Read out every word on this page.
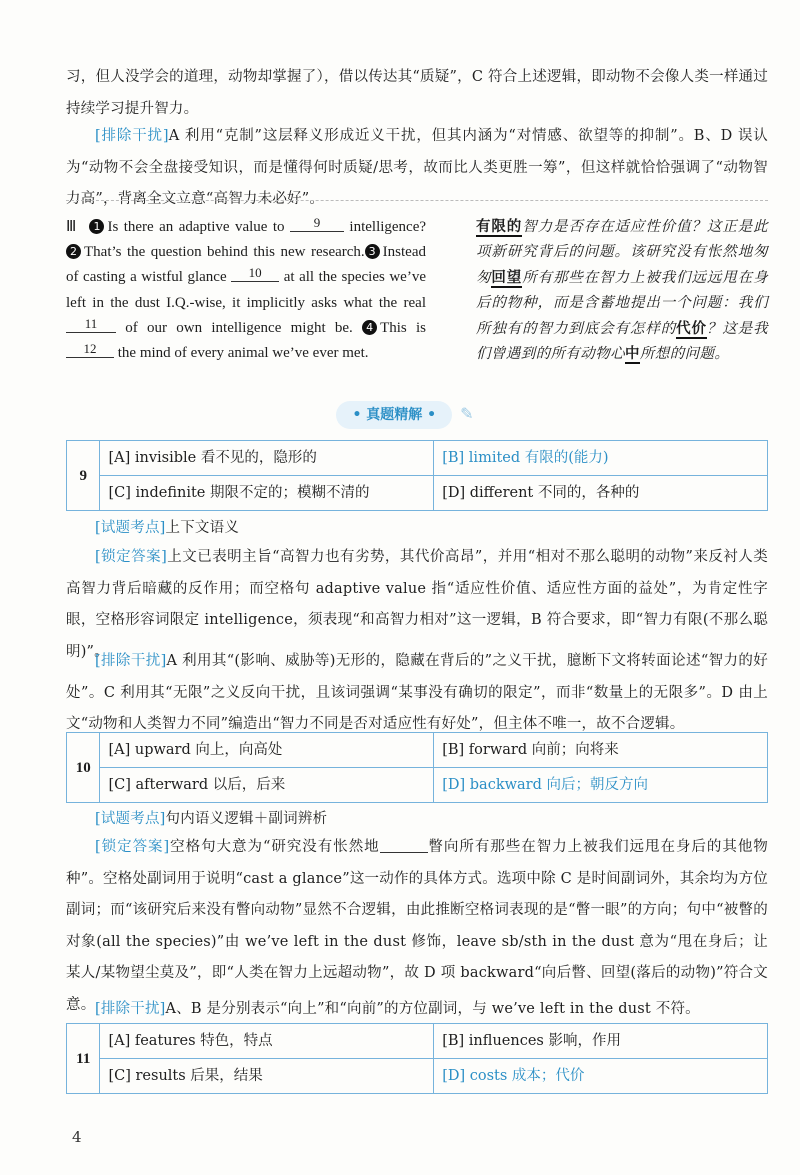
习，但人没学会的道理，动物却掌握了），借以传达其“质疑”，C 符合上述逻辑，即动物不会像人类一样通过持续学习提升智力。

[排除干扰]A 利用“克制”这层释义形成近义干扰，但其内涵为“对情感、欲望等的抑制”。B、D 误认为“动物不会全盘接受知识，而是懂得何时质疑/思考，故而比人类更胜一筹”，但这样就恰恰强调了“动物智力高”，背离全文立意“高智力未必好”。

Ⅲ 1 Is there an adaptive value to 9 intelligence? 2 That’s the question behind this new research. 3 Instead of casting a wistful glance 10 at all the species we’ve left in the dust I.Q.-wise, it implicitly asks what the real 11 of our own intelligence might be. 4 This is 12 the mind of every animal we’ve ever met.

有限的智力是否存在适应性价值？这正是此项新研究背后的问题。该研究没有怅然地匆匆回望所有那些在智力上被我们远远甩在身后的物种，而是含蓄地提出一个问题：我们所独有的智力到底会有怎样的代价？这是我们曾遇到的所有动物心中所想的问题。

• 真题精解 • ✎
9	[A] invisible 看不见的，隐形的	[B] limited 有限的(能力)
	[C] indefinite 期限不定的；模糊不清的	[D] different 不同的，各种的

[试题考点]上下文语义

[锁定答案]上文已表明主旨“高智力也有劣势，其代价高昂”，并用“相对不那么聪明的动物”来反衬人类高智力背后暗藏的反作用；而空格句 adaptive value 指“适应性价值、适应性方面的益处”，为肯定性字眼，空格形容词限定 intelligence，须表现“和高智力相对”这一逻辑，B 符合要求，即“智力有限(不那么聪明)”。

[排除干扰]A 利用其“(影响、威胁等)无形的，隐藏在背后的”之义干扰，臆断下文将转面论述“智力的好处”。C 利用其“无限”之义反向干扰，且该词强调“某事没有确切的限定”，而非“数量上的无限多”。D 由上文“动物和人类智力不同”编造出“智力不同是否对适应性有好处”，但主体不唯一，故不合逻辑。

10	[A] upward 向上，向高处	[B] forward 向前；向将来
	[C] afterward 以后，后来	[D] backward 向后；朝反方向

[试题考点]句内语义逻辑＋副词辨析

[锁定答案]空格句大意为“研究没有怅然地	瞥向所有那些在智力上被我们远甩在身后的其他物种”。空格处副词用于说明“cast a glance”这一动作的具体方式。选项中除 C 是时间副词外，其余均为方位副词；而“该研究后来没有瞥向动物”显然不合逻辑，由此推断空格词表现的是“瞥一眼”的方向；句中“被瞥的对象(all the species)”由 we’ve left in the dust 修饰，leave sb/sth in the dust 意为“甩在身后；让某人/某物望尘莫及”，即“人类在智力上远超动物”，故 D 项 backward“向后瞥、回望(落后的动物)”符合文意。 [排除干扰]A、B 是分别表示“向上”和“向前”的方位副词，与 we’ve left in the dust 不符。

11	[A] features 特色，特点	[B] influences 影响，作用
	[C] results 后果，结果	[D] costs 成本；代价
4
